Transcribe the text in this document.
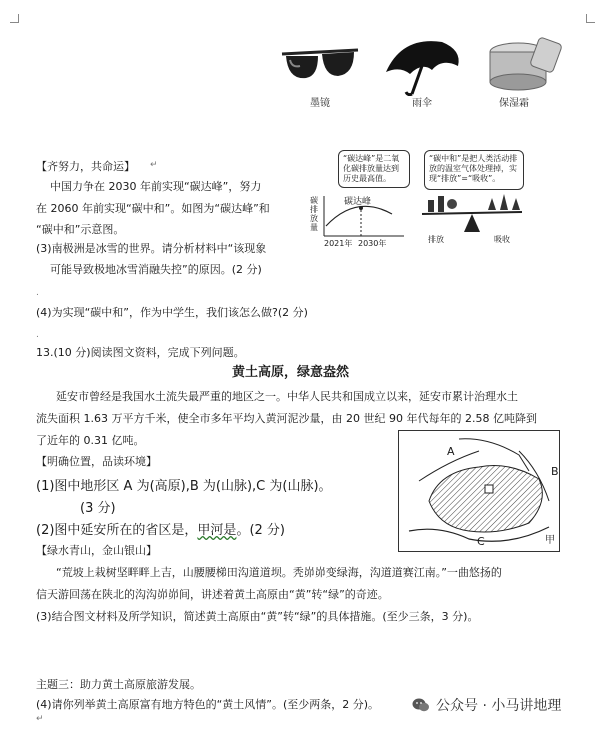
墨镜	雨伞	保湿霜
【齐努力，共命运】 ↵
中国力争在 2030 年前实现“碳达峰”，努力
在 2060 年前实现“碳中和”。如图为“碳达峰”和
“碳中和”示意图。
“碳达峰”是二氧化碳排放量达到历史最高值。
碳排放量
碳达峰
2021年 2030年
“碳中和”是把人类活动排放的温室气体处理掉，实现“排放”=“吸收”。
排放	吸收
(3)南极洲是冰雪的世界。请分析材料中“该现象
可能导致极地冰雪消融失控”的原因。(2 分)
.
(4)为实现“碳中和”，作为中学生，我们该怎么做?(2 分)
.
13.(10 分)阅读图文资料，完成下列问题。
黄土高原，绿意盎然
延安市曾经是我国水土流失最严重的地区之一。中华人民共和国成立以来，延安市累计治理水土
流失面积 1.63 万平方千米，使全市多年平均入黄河泥沙量，由 20 世纪 90 年代每年的 2.58 亿吨降到
了近年的 0.31 亿吨。
A
B
C	甲
【明确位置，品读环境】
(1)图中地形区 A 为(高原),B 为(山脉),C 为(山脉)。
(3 分)
(2)图中延安所在的省区是，甲河是。(2 分)
【绿水青山，金山银山】
“荒坡上栽树坚畔畔上吉，山腰腰梯田沟道道坝。秃峁峁变绿海，沟道道赛江南。”一曲悠扬的
信天游回荡在陕北的沟沟峁峁间，讲述着黄土高原由“黄”转“绿”的奇迹。
(3)结合图文材料及所学知识，简述黄土高原由“黄”转“绿”的具体措施。(至少三条，3 分)。
主题三：助力黄土高原旅游发展。
(4)请你列举黄土高原富有地方特色的“黄土风情”。(至少两条，2 分)。
↵
公众号 · 小马讲地理
